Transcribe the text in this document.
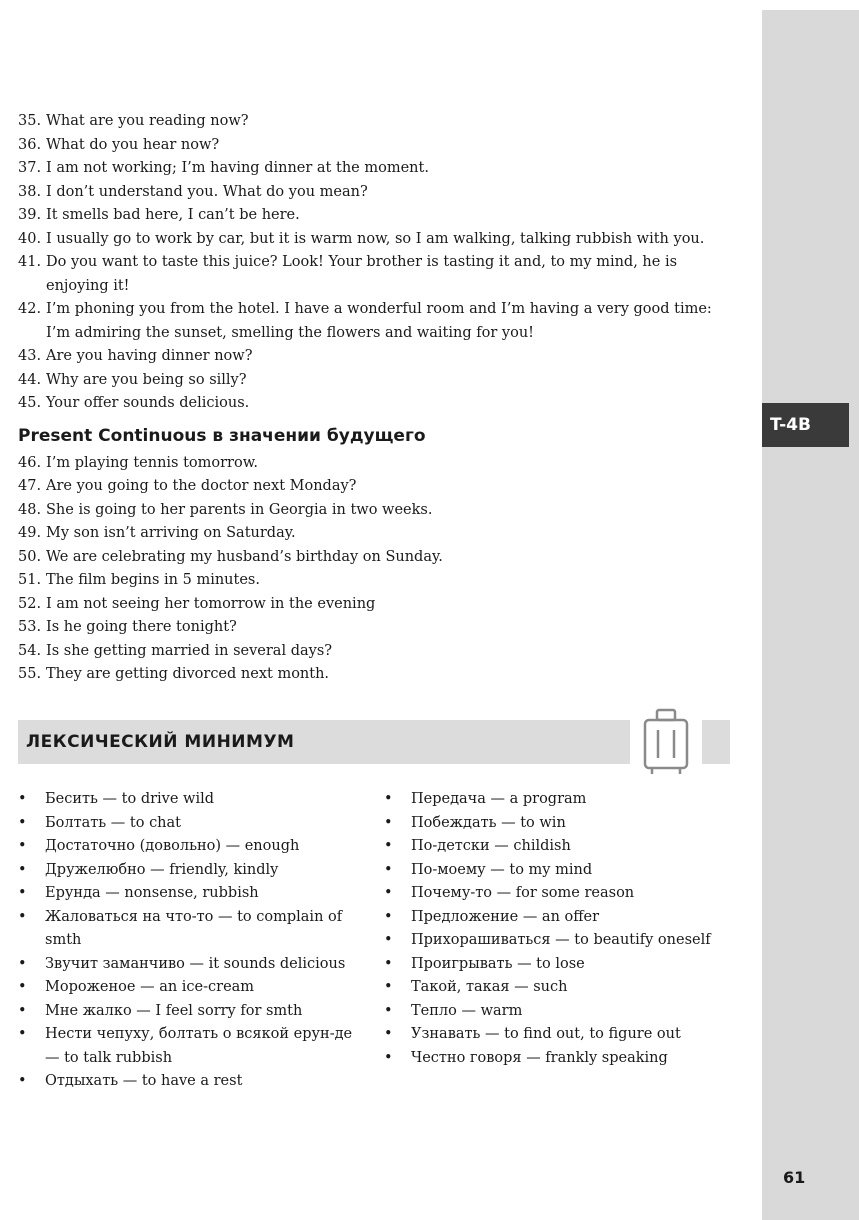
T-4B
61
35. What are you reading now?
36. What do you hear now?
37. I am not working; I’m having dinner at the moment.
38. I don’t understand you. What do you mean?
39. It smells bad here, I can’t be here.
40. I usually go to work by car, but it is warm now, so I am walking, talking rubbish with you.
41. Do you want to taste this juice? Look! Your brother is tasting it and, to my mind, he is enjoying it!
42. I’m phoning you from the hotel. I have a wonderful room and I’m having a very good time: I’m admiring the sunset, smelling the flowers and waiting for you!
43. Are you having dinner now?
44. Why are you being so silly?
45. Your offer sounds delicious.
Present Continuous в значении будущего
46. I’m playing tennis tomorrow.
47. Are you going to the doctor next Monday?
48. She is going to her parents in Georgia in two weeks.
49. My son isn’t arriving on Saturday.
50. We are celebrating my husband’s birthday on Sunday.
51. The film begins in 5 minutes.
52. I am not seeing her tomorrow in the evening
53. Is he going there tonight?
54. Is she getting married in several days?
55. They are getting divorced next month.
ЛЕКСИЧЕСКИЙ МИНИМУМ
• Бесить — to drive wild
• Болтать — to chat
• Достаточно (довольно) — enough
• Дружелюбно — friendly, kindly
• Ерунда — nonsense, rubbish
• Жаловаться на что-то — to complain of smth
• Звучит заманчиво — it sounds delicious
• Мороженое — an ice-cream
• Мне жалко — I feel sorry for smth
• Нести чепуху, болтать о всякой ерун-де — to talk rubbish
• Отдыхать — to have a rest
• Передача — a program
• Побеждать — to win
• По-детски — childish
• По-моему — to my mind
• Почему-то — for some reason
• Предложение — an offer
• Прихорашиваться — to beautify oneself
• Проигрывать — to lose
• Такой, такая — such
• Тепло — warm
• Узнавать — to find out, to figure out
• Честно говоря — frankly speaking
